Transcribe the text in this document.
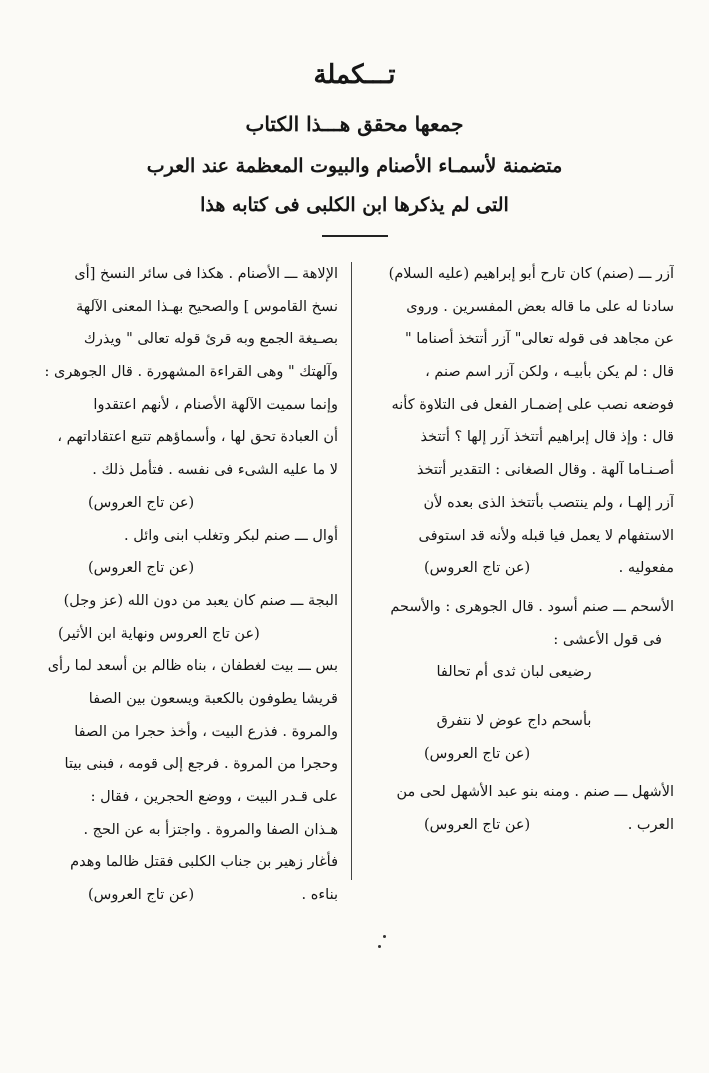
تـــكملة
جمعها محقق هـــذا الكتاب
متضمنة لأسمـاء الأصنام والبيوت المعظمة عند العرب
التى لم يذكرها ابن الكلبى فى كتابه هذا
آزر ـــ (صنم) كان تارح أبو إبراهيم (عليه السلام)
سادنا له على ما قاله بعض المفسرين . وروى
عن مجاهد فى قوله تعالى" آزر أتتخذ أصناما "
قال : لم يكن بأبيـه ، ولكن آزر اسم صنم ،
فوضعه نصب على إضمـار الفعل فى التلاوة كأنه
قال : وإذ قال إبراهيم أتتخذ آزر إلها ؟ أتتخذ
أصـنـاما آلهة . وقال الصغانى : التقدير أتتخذ
آزر إلهـا ، ولم ينتصب بأتتخذ الذى بعده لأن
الاستفهام لا يعمل فيا قبله ولأنه قد استوفى
مفعوليه .
(عن تاج العروس)
الأسحم ـــ صنم أسود . قال الجوهرى : والأسحم
فى قول الأعشى :
رضيعى لبان ثدى أم تحالفا
بأسحم داج عوض لا نتفرق
(عن تاج العروس)
الأشهل ـــ صنم . ومنه بنو عبد الأشهل لحى من
العرب .
(عن تاج العروس)
الإلاهة ـــ الأصنام . هكذا فى سائر النسخ [أى
نسخ القاموس ] والصحيح بهـذا المعنى الآلهة
بصـيغة الجمع وبه قرئ قوله تعالى " ويذرك
وآلهتك " وهى القراءة المشهورة . قال الجوهرى :
وإنما سميت الآلهة الأصنام ، لأنهم اعتقدوا
أن العبادة تحق لها ، وأسماؤهم تتبع اعتقاداتهم ،
لا ما عليه الشىء فى نفسه . فتأمل ذلك .
(عن تاج العروس)
أوال ـــ صنم لبكر وتغلب ابنى وائل .
(عن تاج العروس)
البجة ـــ صنم كان يعبد من دون الله (عز وجل)
(عن تاج العروس ونهاية ابن الأثير)
بس ـــ بيت لغطفان ، بناه ظالم بن أسعد لما رأى
قريشا يطوفون بالكعبة ويسعون بين الصفا
والمروة . فذرع البيت ، وأخذ حجرا من الصفا
وحجرا من المروة . فرجع إلى قومه ، فبنى بيتا
على قـدر البيت ، ووضع الحجرين ، فقال :
هـذان الصفا والمروة . واجتزأ به عن الحج .
فأغار زهير بن جناب الكلبى فقتل ظالما وهدم
بناءه .
(عن تاج العروس)
